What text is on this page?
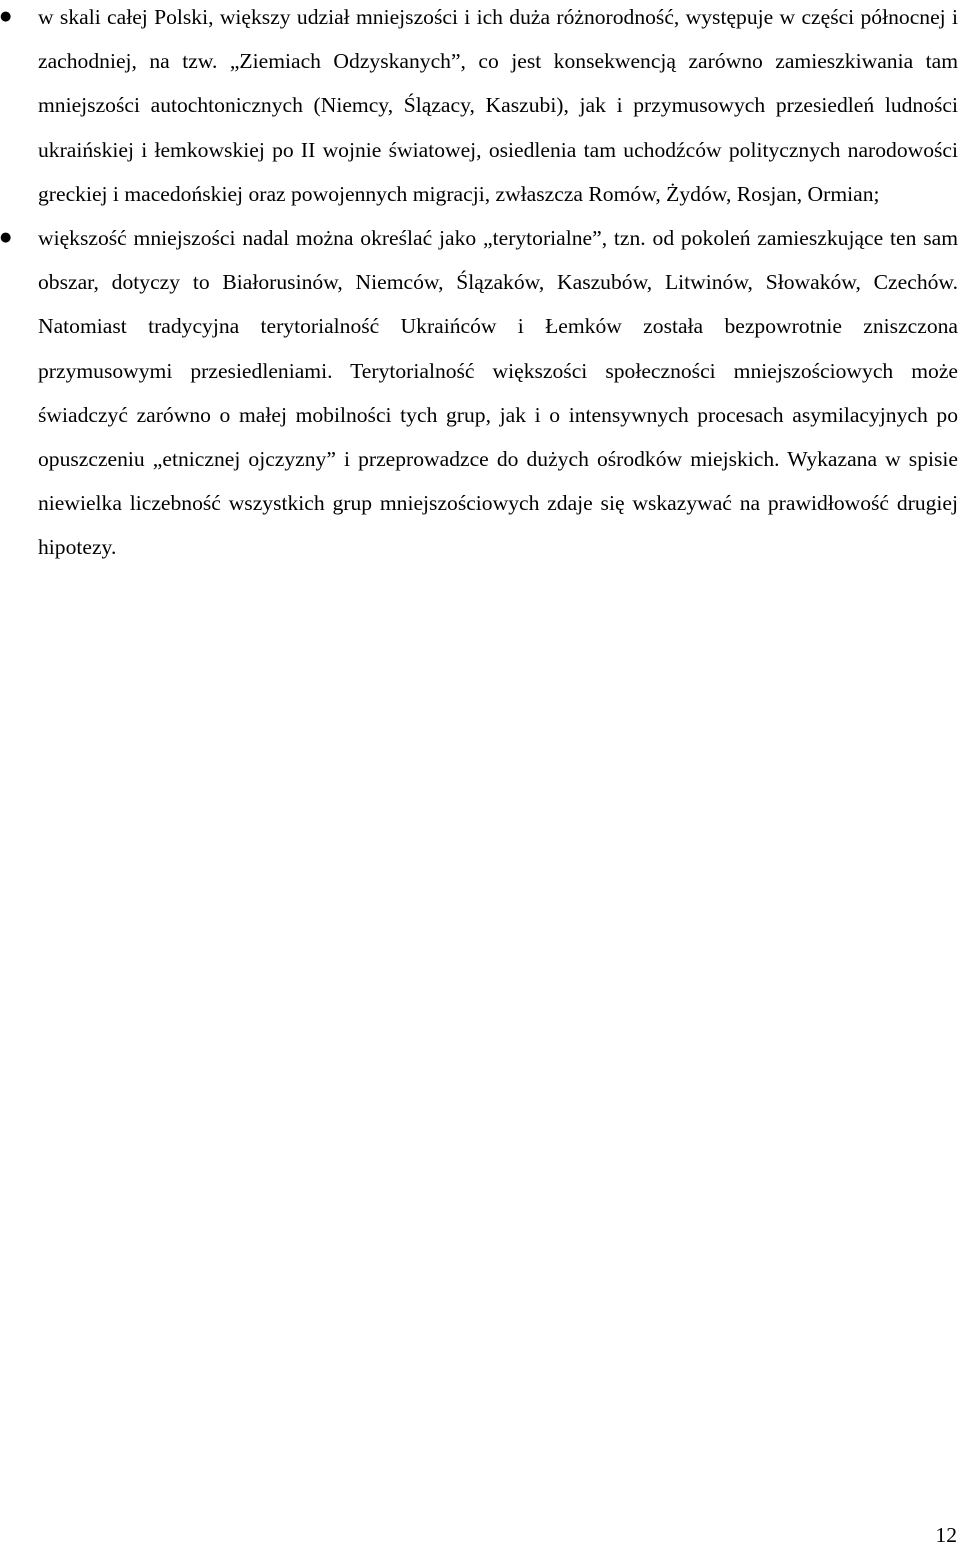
● w skali całej Polski, większy udział mniejszości i ich duża różnorodność, występuje w części północnej i zachodniej, na tzw. „Ziemiach Odzyskanych”, co jest konsekwencją zarówno zamieszkiwania tam mniejszości autochtonicznych (Niemcy, Ślązacy, Kaszubi), jak i przymusowych przesiedleń ludności ukraińskiej i łemkowskiej po II wojnie światowej, osiedlenia tam uchodźców politycznych narodowości greckiej i macedońskiej oraz powojennych migracji, zwłaszcza Romów, Żydów, Rosjan, Ormian;
● większość mniejszości nadal można określać jako „terytorialne”, tzn. od pokoleń zamieszkujące ten sam obszar, dotyczy to Białorusinów, Niemców, Ślązaków, Kaszubów, Litwinów, Słowaków, Czechów. Natomiast tradycyjna terytorialność Ukraińców i Łemków została bezpowrotnie zniszczona przymusowymi przesiedleniami. Terytorialność większości społeczności mniejszościowych może świadczyć zarówno o małej mobilności tych grup, jak i o intensywnych procesach asymilacyjnych po opuszczeniu „etnicznej ojczyzny” i przeprowadzce do dużych ośrodków miejskich. Wykazana w spisie niewielka liczebność wszystkich grup mniejszościowych zdaje się wskazywać na prawidłowość drugiej hipotezy.
12
